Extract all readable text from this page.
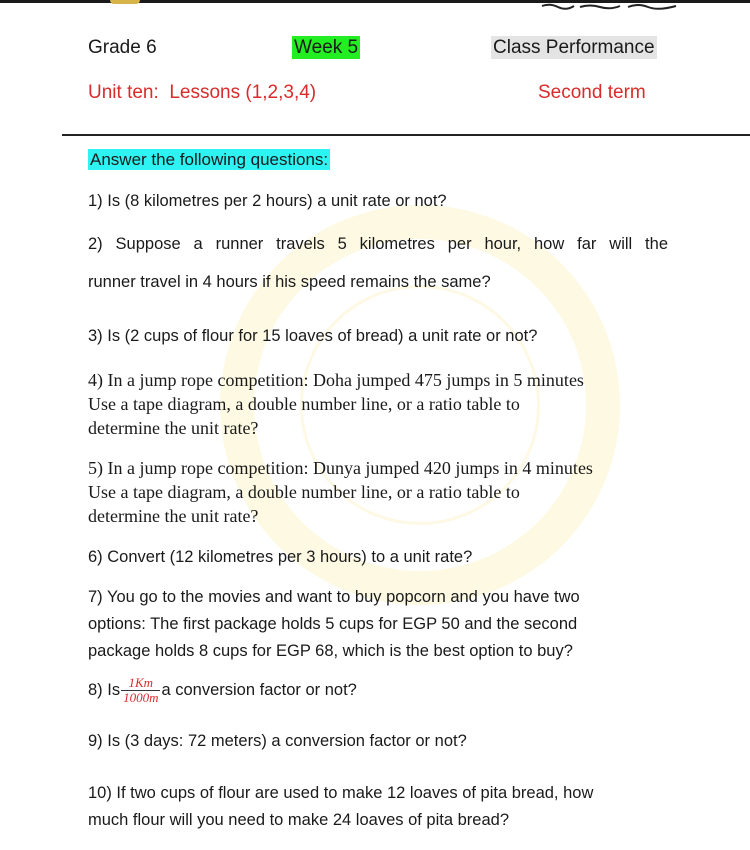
Grade 6	Week 5	Class Performance
Unit ten:  Lessons (1,2,3,4)	Second term
Answer the following questions:
1) Is (8 kilometres per 2 hours) a unit rate or not?
2) Suppose a runner travels 5 kilometres per hour, how far will the
runner travel in 4 hours if his speed remains the same?
3) Is (2 cups of flour for 15 loaves of bread) a unit rate or not?
4) In a jump rope competition: Doha jumped 475 jumps in 5 minutes
Use a tape diagram, a double number line, or a ratio table to
determine the unit rate?
5) In a jump rope competition: Dunya jumped 420 jumps in 4 minutes
Use a tape diagram, a double number line, or a ratio table to
determine the unit rate?
6) Convert (12 kilometres per 3 hours) to a unit rate?
7) You go to the movies and want to buy popcorn and you have two
options: The first package holds 5 cups for EGP 50 and the second
package holds 8 cups for EGP 68, which is the best option to buy?
8) Is $\frac{1Km}{1000m}$ a conversion factor or not?
9) Is (3 days: 72 meters) a conversion factor or not?
10) If two cups of flour are used to make 12 loaves of pita bread, how
much flour will you need to make 24 loaves of pita bread?
